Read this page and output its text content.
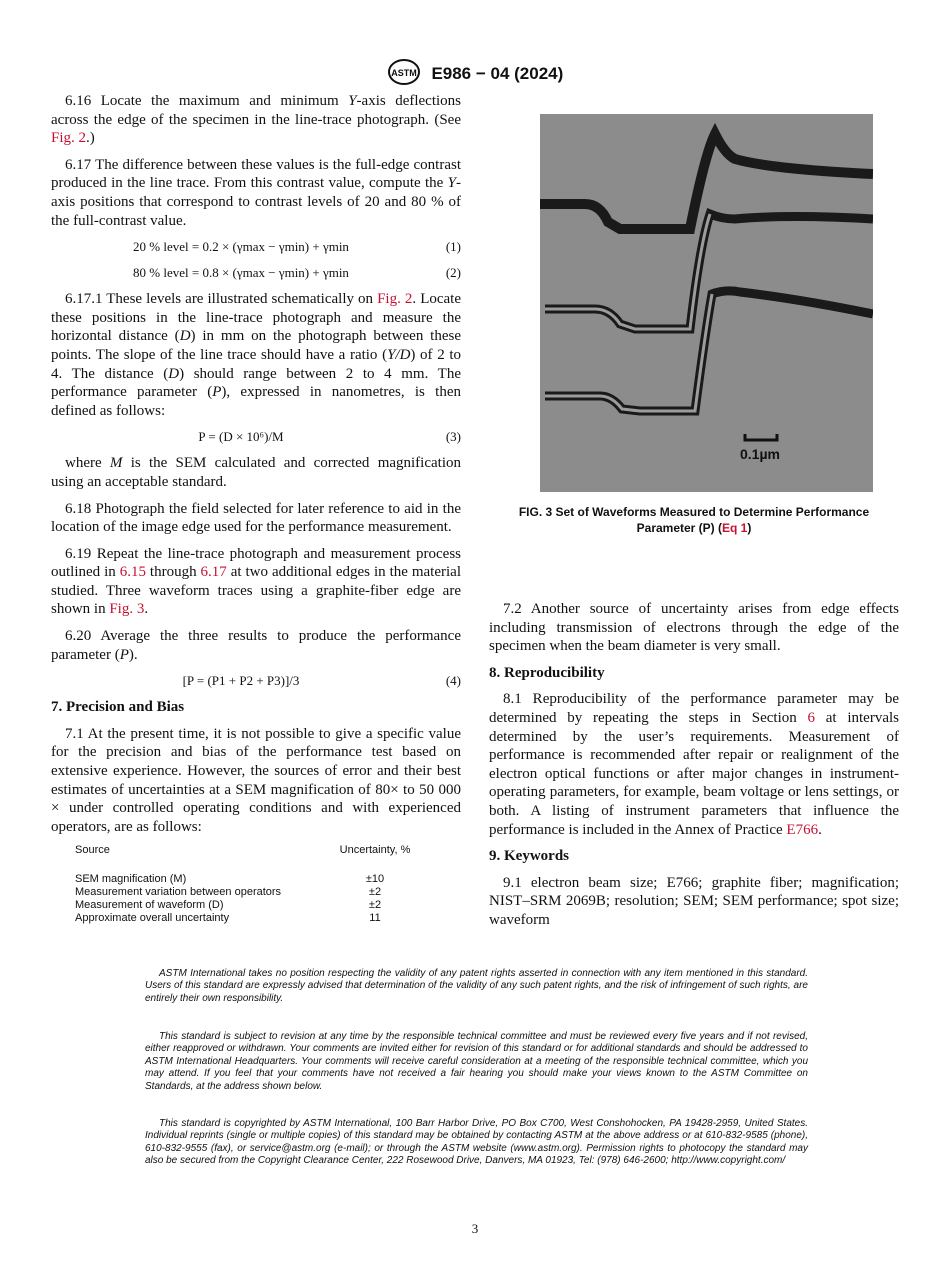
ASTM E986 − 04 (2024)

6.16 Locate the maximum and minimum Y-axis deflections across the edge of the specimen in the line-trace photograph. (See Fig. 2.)

6.17 The difference between these values is the full-edge contrast produced in the line trace. From this contrast value, compute the Y-axis positions that correspond to contrast levels of 20 and 80 % of the full-contrast value.

20 % level = 0.2 × (γmax − γmin) + γmin	(1)
80 % level = 0.8 × (γmax − γmin) + γmin	(2)

6.17.1 These levels are illustrated schematically on Fig. 2. Locate these positions in the line-trace photograph and measure the horizontal distance (D) in mm on the photograph between these points. The slope of the line trace should have a ratio (Y/D) of 2 to 4. The distance (D) should range between 2 to 4 mm. The performance parameter (P), expressed in nanometres, is then defined as follows:

P = (D × 10⁶)/M	(3)

where M is the SEM calculated and corrected magnification using an acceptable standard.

6.18 Photograph the field selected for later reference to aid in the location of the image edge used for the performance measurement.

6.19 Repeat the line-trace photograph and measurement process outlined in 6.15 through 6.17 at two additional edges in the material studied. Three waveform traces using a graphite-fiber edge are shown in Fig. 3.

6.20 Average the three results to produce the performance parameter (P).

[P = (P1 + P2 + P3)]/3	(4)
7. Precision and Bias

7.1 At the present time, it is not possible to give a specific value for the precision and bias of the performance test based on extensive experience. However, the sources of error and their best estimates of uncertainties at a SEM magnification of 80× to 50 000 × under controlled operating conditions and with experienced operators, are as follows:

Source	Uncertainty, %
SEM magnification (M)	±10
Measurement variation between operators	±2
Measurement of waveform (D)	±2
Approximate overall uncertainty	11
0.1µm
FIG. 3 Set of Waveforms Measured to Determine Performance Parameter (P) (Eq 1)

7.2 Another source of uncertainty arises from edge effects including transmission of electrons through the edge of the specimen when the beam diameter is very small.

8. Reproducibility

8.1 Reproducibility of the performance parameter may be determined by repeating the steps in Section 6 at intervals determined by the user’s requirements. Measurement of performance is recommended after repair or realignment of the electron optical functions or after major changes in instrument-operating parameters, for example, beam voltage or lens settings, or both. A listing of instrument parameters that influence the performance is included in the Annex of Practice E766.

9. Keywords

9.1 electron beam size; E766; graphite fiber; magnification; NIST–SRM 2069B; resolution; SEM; SEM performance; spot size; waveform

ASTM International takes no position respecting the validity of any patent rights asserted in connection with any item mentioned in this standard. Users of this standard are expressly advised that determination of the validity of any such patent rights, and the risk of infringement of such rights, are entirely their own responsibility.

This standard is subject to revision at any time by the responsible technical committee and must be reviewed every five years and if not revised, either reapproved or withdrawn. Your comments are invited either for revision of this standard or for additional standards and should be addressed to ASTM International Headquarters. Your comments will receive careful consideration at a meeting of the responsible technical committee, which you may attend. If you feel that your comments have not received a fair hearing you should make your views known to the ASTM Committee on Standards, at the address shown below.

This standard is copyrighted by ASTM International, 100 Barr Harbor Drive, PO Box C700, West Conshohocken, PA 19428-2959, United States. Individual reprints (single or multiple copies) of this standard may be obtained by contacting ASTM at the above address or at 610-832-9585 (phone), 610-832-9555 (fax), or service@astm.org (e-mail); or through the ASTM website (www.astm.org). Permission rights to photocopy the standard may also be secured from the Copyright Clearance Center, 222 Rosewood Drive, Danvers, MA 01923, Tel: (978) 646-2600; http://www.copyright.com/

3
